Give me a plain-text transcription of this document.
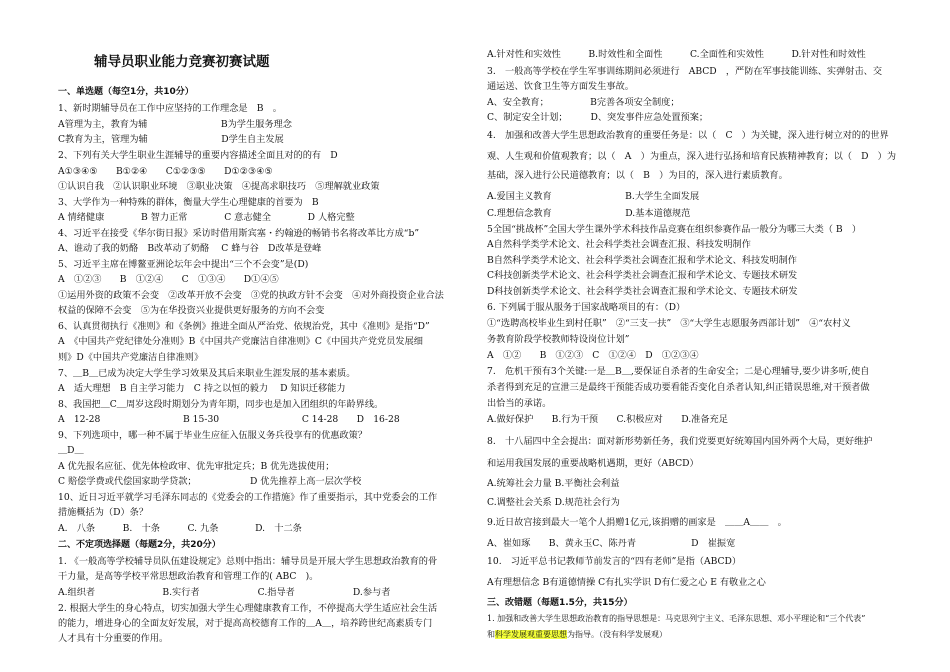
辅导员职业能力竞赛初赛试题
一、单选题（每空1分，共10分）
1、新时期辅导员在工作中应坚持的工作理念是　B　。
A管理为主，教育为辅　　　　　　　　B为学生服务理念
C教育为主，管理为辅　　　　　　　　D学生自主发展
2、下列有关大学生职业生涯辅导的重要内容描述全面且对的的有　D
A①③④⑤　　B①②④　　C①②③⑤　　D①②③④⑤
①认识自我　②认识职业环境　③职业决策　④提高求职技巧　⑤理解就业政策
3、大学作为一种特殊的群体，衡量大学生心理健康的首要为　B
A 情绪健康　　　　B 智力正常　　　　C 意志健全　　　　D 人格完整
4、习近平在接受《华尔街日报》采访时借用斯宾塞・约翰逊的畅销书名将改革比方成“b”
A、谁动了我的奶酪　B改革动了奶酪　 C 蜂与谷　D改革是登峰
5、习近平主席在博鳌亚洲论坛年会中提出“三个不会变”是(D)
A　①②③　　B　①②④　　C　①③④　　D①④⑤
①运用外资的政策不会变　②改革开放不会变　③党的执政方针不会变　④对外商投资企业合法
权益的保障不会变　⑤为在华投资兴业提供更好服务的方向不会变
6、认真贯彻执行《准则》和《条例》推进全面从严治党、依规治党，其中《准则》是指“D”
A　《中国共产党纪律处分准则》B《中国共产党廉洁自律准则》C《中国共产党党员发展细
则》D《中国共产党廉洁自律准则》
7、＿B＿已成为决定大学生学习效果及其后来职业生涯发展的基本素质。
A　适大理想　B 自主学习能力　C 持之以恒的毅力　 D 知识迁移能力
8、我国把＿C＿周岁这段时期划分为青年期，同步也是加入团组织的年龄界线。
A　12-28　　　　　　　　　B 15-30　　　　　　　　　C 14-28　　D　16-28
9、下列选项中，哪一种不属于毕业生应征入伍服义务兵役享有的优惠政策？
＿D＿
A 优先报名应征、优先体检政审、优先审批定兵；B 优先选拔使用；
C 赔偿学费或代偿国家助学贷款；　　　　　　 D 优先推荐上高一层次学校
10、近日习近平就学习毛泽东同志的《党委会的工作措施》作了重要指示，其中党委会的工作
措施概括为（D）条？
A.　八条　　　B.　十条　　　C. 九条　　　　D.　十二条
二、不定项选择题（每题2分，共20分）
1. 《一般高等学校辅导员队伍建设规定》总则中指出：辅导员是开展大学生思想政治教育的骨
干力量，是高等学校平常思想政治教育和管理工作的( ABC　)。
A.组织者　　　　　　　 B.实行者　　　　　　 C.指导者　　　　　　 D.参与者
2. 根据大学生的身心特点，切实加强大学生心理健康教育工作，不停提高大学生适应社会生活
的能力，增进身心的全面友好发展，对于提高高校德育工作的＿A＿，培养跨世纪高素质专门
人才具有十分重要的作用。
A.针对性和实效性　　　B.时效性和全面性　　　C.全面性和实效性　　　D.针对性和时效性
3.　一般高等学校在学生军事训练期间必须进行　ABCD　，严防在军事技能训练、实弹射击、交
通运送、饮食卫生等方面发生事故。
A、安全教育；　　　　　B完善各项安全制度；
C、制定安全计划；　　　D、突发事件应急处置预案；
4.　加强和改善大学生思想政治教育的重要任务是：以（　C　）为关键，深入进行树立对的的世界
观、人生观和价值观教育；以（　A　）为重点，深入进行弘扬和培育民族精神教育；以（　D　）为
基础，深入进行公民道德教育；以（　B　）为目的，深入进行素质教育。
A.爱国主义教育　　　　　　　　B.大学生全面发展
C.理想信念教育　　　　　　　　D.基本道德规范
5全国“挑战杯”全国大学生课外学术科技作品竞赛在组织参赛作品一般分为哪三大类（ B　）
A自然科学类学术论文、社会科学类社会调查汇报、科技发明制作
B自然科学类学术论文、社会科学类社会调查汇报和学术论文、科技发明制作
C科技创新类学术论文、社会科学类社会调查汇报和学术论文、专题技术研发
D科技创新类学术论文、社会科学类社会调查汇报和学术论文、专题技术研发
6. 下列属于服从服务于国家战略项目的有：（D）
①“选聘高校毕业生到村任职”　②“三支一扶”　③“大学生志愿服务西部计划”　④“农村义
务教育阶段学校教师特设岗位计划”
A　①②　　B　①②③　C　①②④　D　①②③④
7.　危机干预有3个关键:一是＿B＿,要保证自杀者的生命安全；二是心理辅导,要少讲多听,使自
杀者得到充足的宣泄三是最终干预能否成功要看能否变化自杀者认知,纠正错误思维,对干预者做
出恰当的承诺。
A.做好保护　　B.行为干预　　C.积极应对　　D.准备充足
8.　十八届四中全会提出：面对新形势新任务，我们党要更好统筹国内国外两个大局，更好维护
和运用我国发展的重要战略机遇期，更好（ABCD）
A.统筹社会力量 B.平衡社会利益
C.调整社会关系 D.规范社会行为
9.近日故宫接到最大一笔个人捐赠1亿元,该捐赠的画家是　＿＿A＿＿　。
A、崔如琢　　B、黄永玉C、陈丹青　　　　　　D　崔振宽
10.　习近平总书记教师节前发言的“四有老师”是指（ABCD）
A有理想信念 B有道德情操 C有扎实学识 D有仁爱之心 E 有敬业之心
三、改错题（每题1.5分，共15分）
1. 加强和改善大学生思想政治教育的指导思想是：马克思列宁主义、毛泽东思想、邓小平理论和“三个代表”
和科学发展观重要思想为指导。（没有科学发展观）
